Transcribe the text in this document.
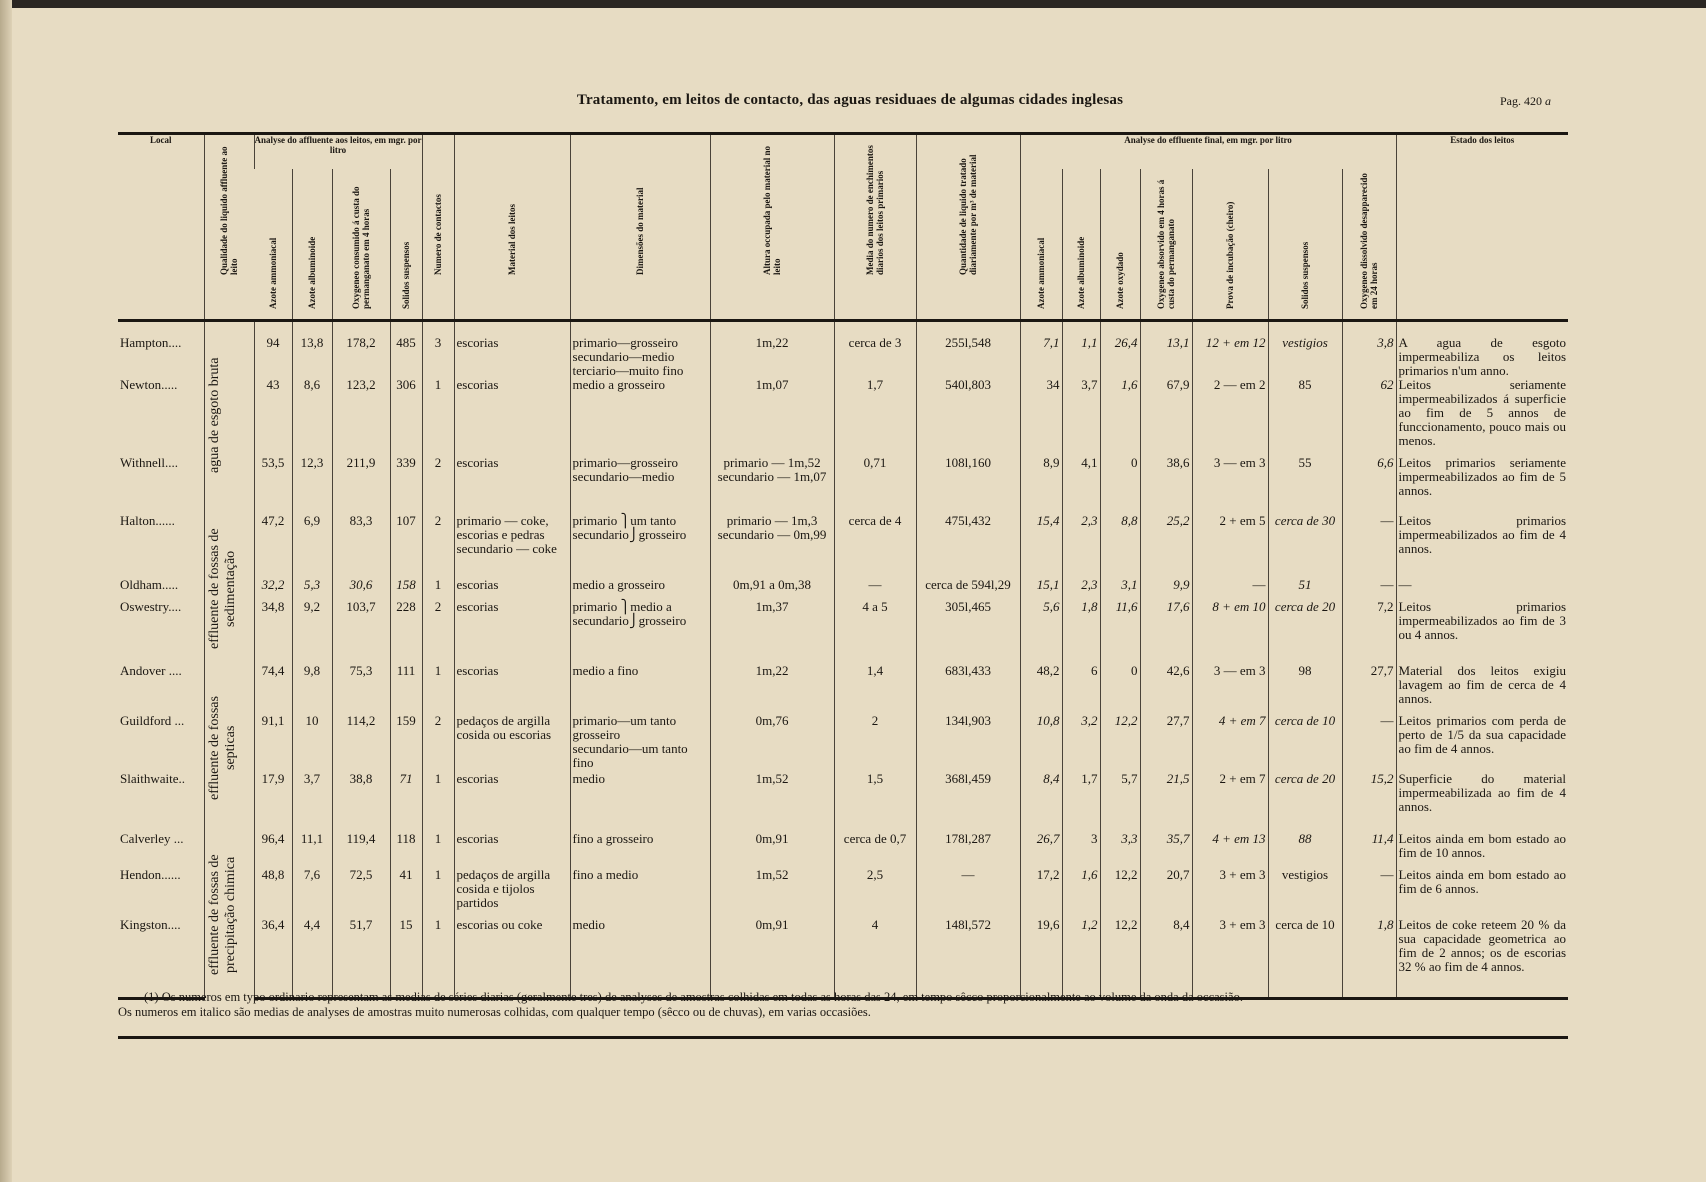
Tratamento, em leitos de contacto, das aguas residuaes de algumas cidades inglesas	Pag. 420 a
Local	Qualidade do liquido affluente ao leito	Analyse do affluente aos leitos, em mgr. por litro				Numero de contactos	Material dos leitos	Dimensões do material	Altura occupada pelo material no leito	Media do numero de enchimentos diarios dos leitos primarios	Quantidade de liquido tratado diariamente por m³ de material	Analyse do effluente final, em mgr. por litro							Estado dos leitos

		Azote ammoniacal	Azote albuminoide	Oxygeneo consumido á custa do permanganato em 4 horas	Solidos suspensos							Azote ammoniacal	Azote albuminoide	Azote oxydado	Oxygeneo absorvido em 4 horas á custa do permanganato	Prova de incubação (cheiro)	Solidos suspensos	Oxygeneo dissolvido desapparecido em 24 horas	

Hampton....	agua de esgoto bruta	94	13,8	178,2	485	3	escorias	primario—grosseiro
secundario—medio
terciario—muito fino	1m,22	cerca de 3	255l,548	7,1	1,1	26,4	13,1	12 + em 12	vestigios	3,8	A agua de esgoto impermeabiliza os leitos primarios n'um anno.
Newton.....		43	8,6	123,2	306	1	escorias	medio a grosseiro	1m,07	1,7	540l,803	34	3,7	1,6	67,9	2 — em 2	85	62	Leitos seriamente impermeabilizados á superficie ao fim de 5 annos de funccionamento, pouco mais ou menos.
Withnell....		53,5	12,3	211,9	339	2	escorias	primario—grosseiro
secundario—medio	primario — 1m,52
secundario — 1m,07	0,71	108l,160	8,9	4,1	0	38,6	3 — em 3	55	6,6	Leitos primarios seriamente impermeabilizados ao fim de 5 annos.
Halton......	effluente de fossas de sedimentação	47,2	6,9	83,3	107	2	primario — coke, escorias e pedras
secundario — coke	primario ⎫um tanto
secundario⎭grosseiro	primario — 1m,3
secundario — 0m,99	cerca de 4	475l,432	15,4	2,3	8,8	25,2	2 + em 5	cerca de 30	—	Leitos primarios impermeabilizados ao fim de 4 annos.
Oldham.....		32,2	5,3	30,6	158	1	escorias	medio a grosseiro	0m,91 a 0m,38	—	cerca de 594l,29	15,1	2,3	3,1	9,9	—	51	—	—
Oswestry....		34,8	9,2	103,7	228	2	escorias	primario ⎫medio a
secundario⎭grosseiro	1m,37	4 a 5	305l,465	5,6	1,8	11,6	17,6	8 + em 10	cerca de 20	7,2	Leitos primarios impermeabilizados ao fim de 3 ou 4 annos.
Andover ....	effluente de fossas septicas	74,4	9,8	75,3	111	1	escorias	medio a fino	1m,22	1,4	683l,433	48,2	6	0	42,6	3 — em 3	98	27,7	Material dos leitos exigiu lavagem ao fim de cerca de 4 annos.
Guildford ...		91,1	10	114,2	159	2	pedaços de argilla cosida ou escorias	primario—um tanto grosseiro
secundario—um tanto fino	0m,76	2	134l,903	10,8	3,2	12,2	27,7	4 + em 7	cerca de 10	—	Leitos primarios com perda de perto de 1/5 da sua capacidade ao fim de 4 annos.
Slaithwaite..		17,9	3,7	38,8	71	1	escorias	medio	1m,52	1,5	368l,459	8,4	1,7	5,7	21,5	2 + em 7	cerca de 20	15,2	Superficie do material impermeabilizada ao fim de 4 annos.
Calverley ...	effluente de fossas de precipitação chimica	96,4	11,1	119,4	118	1	escorias	fino a grosseiro	0m,91	cerca de 0,7	178l,287	26,7	3	3,3	35,7	4 + em 13	88	11,4	Leitos ainda em bom estado ao fim de 10 annos.
Hendon......		48,8	7,6	72,5	41	1	pedaços de argilla cosida e tijolos partidos	fino a medio	1m,52	2,5	—	17,2	1,6	12,2	20,7	3 + em 3	vestigios	—	Leitos ainda em bom estado ao fim de 6 annos.
Kingston....		36,4	4,4	51,7	15	1	escorias ou coke	medio	0m,91	4	148l,572	19,6	1,2	12,2	8,4	3 + em 3	cerca de 10	1,8	Leitos de coke reteem 20 % da sua capacidade geometrica ao fim de 2 annos; os de escorias 32 % ao fim de 4 annos.
(1) Os numeros em typo ordinario representam as medias de séries diarias (geralmente tres) de analyses de amostras colhidas em todas as horas das 24, em tempo sêcco proporcionalmente ao volume da onda da occasião.
Os numeros em italico são medias de analyses de amostras muito numerosas colhidas, com qualquer tempo (sêcco ou de chuvas), em varias occasiões.
